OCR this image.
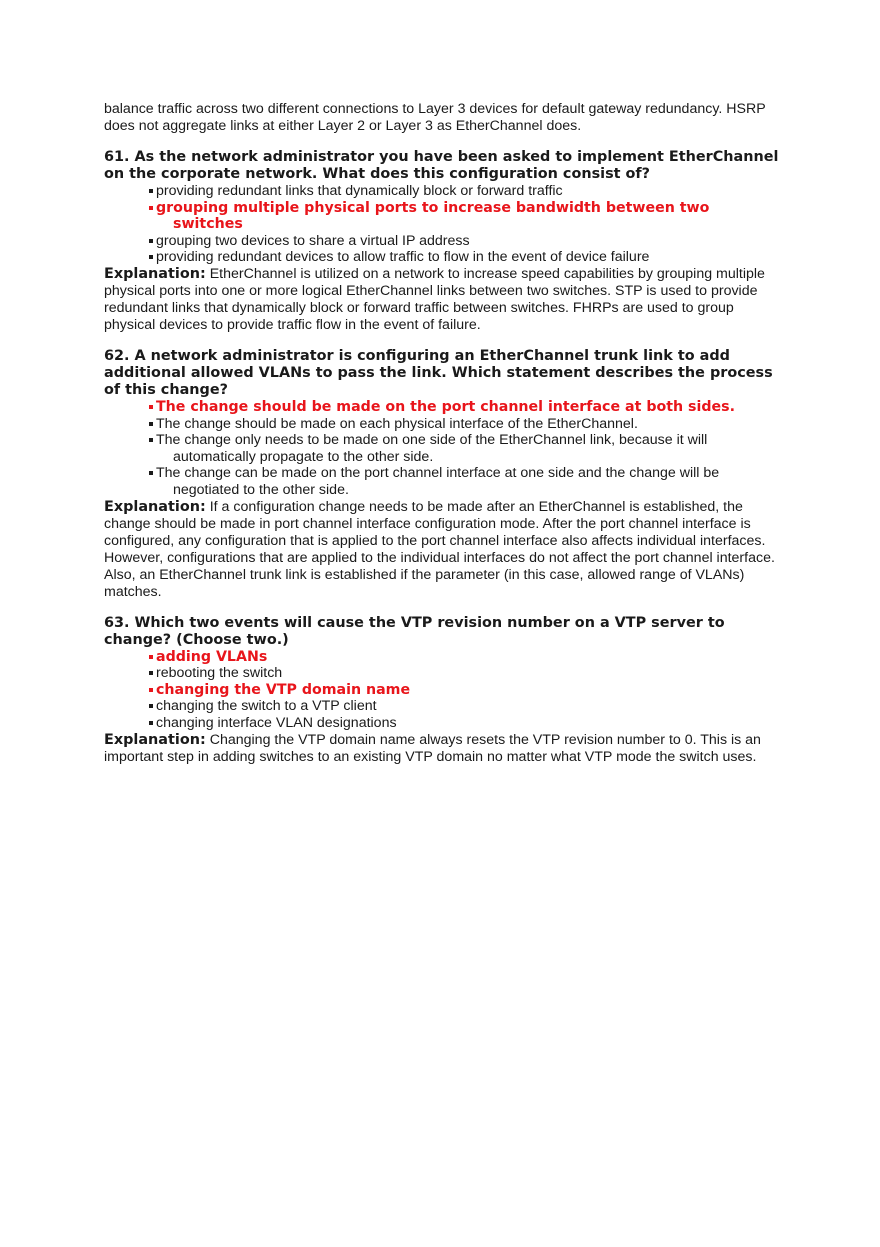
balance traffic across two different connections to Layer 3 devices for default gateway redundancy. HSRP does not aggregate links at either Layer 2 or Layer 3 as EtherChannel does.

61. As the network administrator you have been asked to implement EtherChannel on the corporate network. What does this configuration consist of?

providing redundant links that dynamically block or forward traffic
grouping multiple physical ports to increase bandwidth between two switches
grouping two devices to share a virtual IP address
providing redundant devices to allow traffic to flow in the event of device failure

Explanation: EtherChannel is utilized on a network to increase speed capabilities by grouping multiple physical ports into one or more logical EtherChannel links between two switches. STP is used to provide redundant links that dynamically block or forward traffic between switches. FHRPs are used to group physical devices to provide traffic flow in the event of failure.

62. A network administrator is configuring an EtherChannel trunk link to add additional allowed VLANs to pass the link. Which statement describes the process of this change?

The change should be made on the port channel interface at both sides.
The change should be made on each physical interface of the EtherChannel.
The change only needs to be made on one side of the EtherChannel link, because it will automatically propagate to the other side.
The change can be made on the port channel interface at one side and the change will be negotiated to the other side.

Explanation: If a configuration change needs to be made after an EtherChannel is established, the change should be made in port channel interface configuration mode. After the port channel interface is configured, any configuration that is applied to the port channel interface also affects individual interfaces. However, configurations that are applied to the individual interfaces do not affect the port channel interface. Also, an EtherChannel trunk link is established if the parameter (in this case, allowed range of VLANs) matches.

63. Which two events will cause the VTP revision number on a VTP server to change? (Choose two.)

adding VLANs
rebooting the switch
changing the VTP domain name
changing the switch to a VTP client
changing interface VLAN designations

Explanation: Changing the VTP domain name always resets the VTP revision number to 0. This is an important step in adding switches to an existing VTP domain no matter what VTP mode the switch uses.
